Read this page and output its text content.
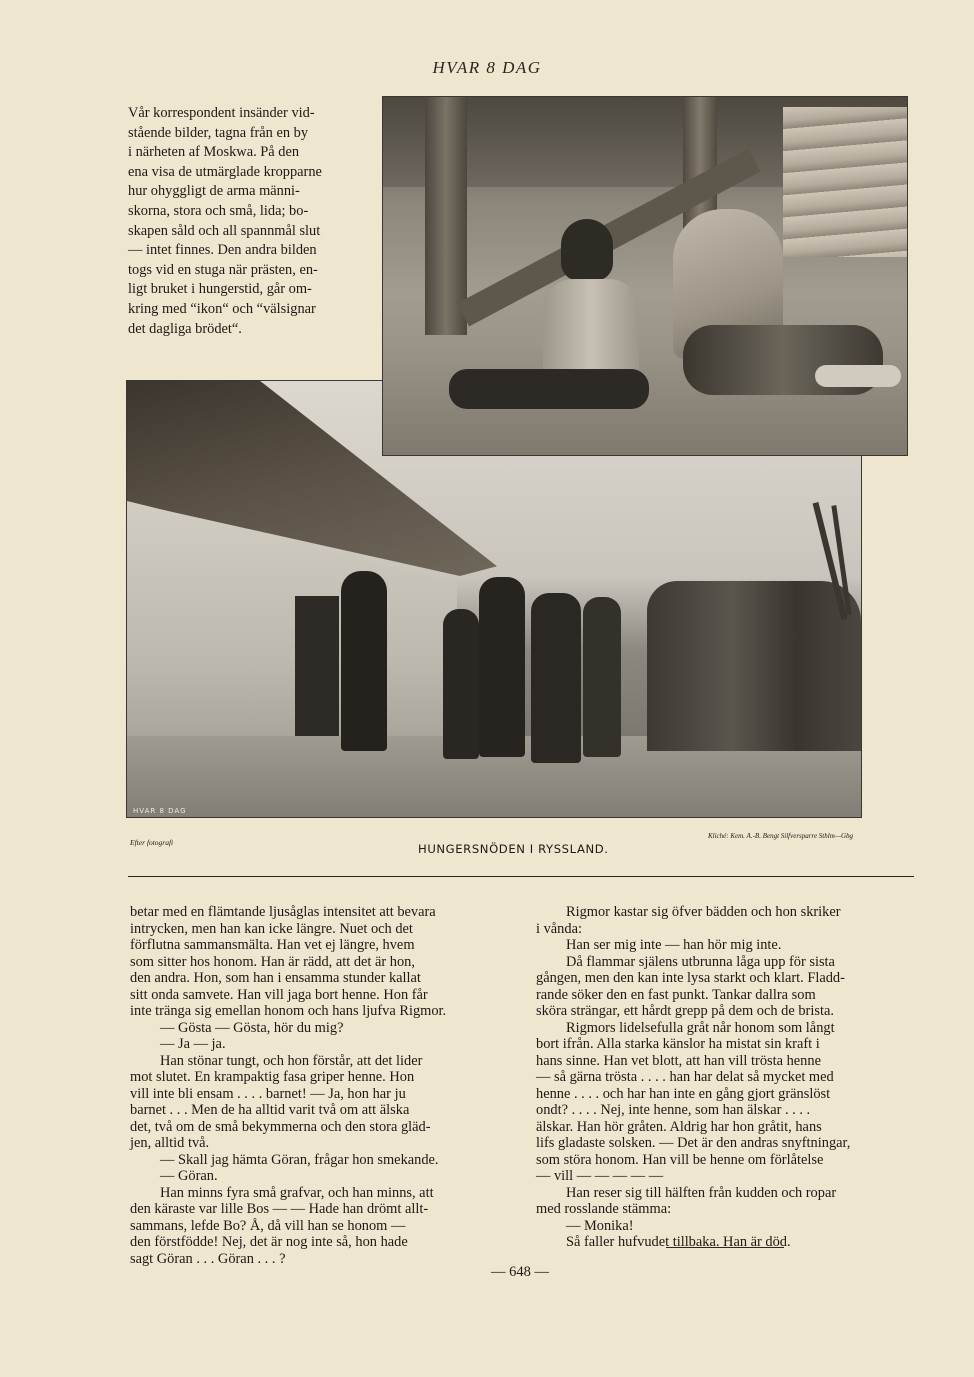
HVAR 8 DAG
Vår korrespondent insänder vid-
stående bilder, tagna från en by
i närheten af Moskwa. På den
ena visa de utmärglade kropparne
hur ohyggligt de arma männi-
skorna, stora och små, lida; bo-
skapen såld och all spannmål slut
— intet finnes. Den andra bilden
togs vid en stuga när prästen, en-
ligt bruket i hungerstid, går om-
kring med “ikon“ och “välsignar
det dagliga brödet“.
HVAR 8 DAG
Efter fotografi	HUNGERSNÖDEN I RYSSLAND.
Kliché: Kem. A.-B. Bengt Silfversparre Sthlm—Gbg
betar med en flämtande ljusåglas intensitet att bevara
intrycken, men han kan icke längre. Nuet och det
förflutna sammansmälta. Han vet ej längre, hvem
som sitter hos honom. Han är rädd, att det är hon,
den andra. Hon, som han i ensamma stunder kallat
sitt onda samvete. Han vill jaga bort henne. Hon får
inte tränga sig emellan honom och hans ljufva Rigmor.
— Gösta — Gösta, hör du mig?
— Ja — ja.
Han stönar tungt, och hon förstår, att det lider
mot slutet. En krampaktig fasa griper henne. Hon
vill inte bli ensam . . . . barnet! — Ja, hon har ju
barnet . . . Men de ha alltid varit två om att älska
det, två om de små bekymmerna och den stora gläd-
jen, alltid två.
— Skall jag hämta Göran, frågar hon smekande.
— Göran.
Han minns fyra små grafvar, och han minns, att
den käraste var lille Bos — — Hade han drömt allt-
sammans, lefde Bo? Å, då vill han se honom —
den förstfödde! Nej, det är nog inte så, hon hade
sagt Göran . . . Göran . . . ?
Rigmor kastar sig öfver bädden och hon skriker
i vånda:
Han ser mig inte — han hör mig inte.
Då flammar själens utbrunna låga upp för sista
gången, men den kan inte lysa starkt och klart. Fladd-
rande söker den en fast punkt. Tankar dallra som
sköra strängar, ett hårdt grepp på dem och de brista.
Rigmors lidelsefulla gråt når honom som långt
bort ifrån. Alla starka känslor ha mistat sin kraft i
hans sinne. Han vet blott, att han vill trösta henne
— så gärna trösta . . . . han har delat så mycket med
henne . . . . och har han inte en gång gjort gränslöst
ondt? . . . . Nej, inte henne, som han älskar . . . .
älskar. Han hör gråten. Aldrig har hon gråtit, hans
lifs gladaste solsken. — Det är den andras snyftningar,
som störa honom. Han vill be henne om förlåtelse
— vill — — — — —
Han reser sig till hälften från kudden och ropar
med rosslande stämma:
— Monika!
Så faller hufvudet tillbaka. Han är död.
— 648 —
